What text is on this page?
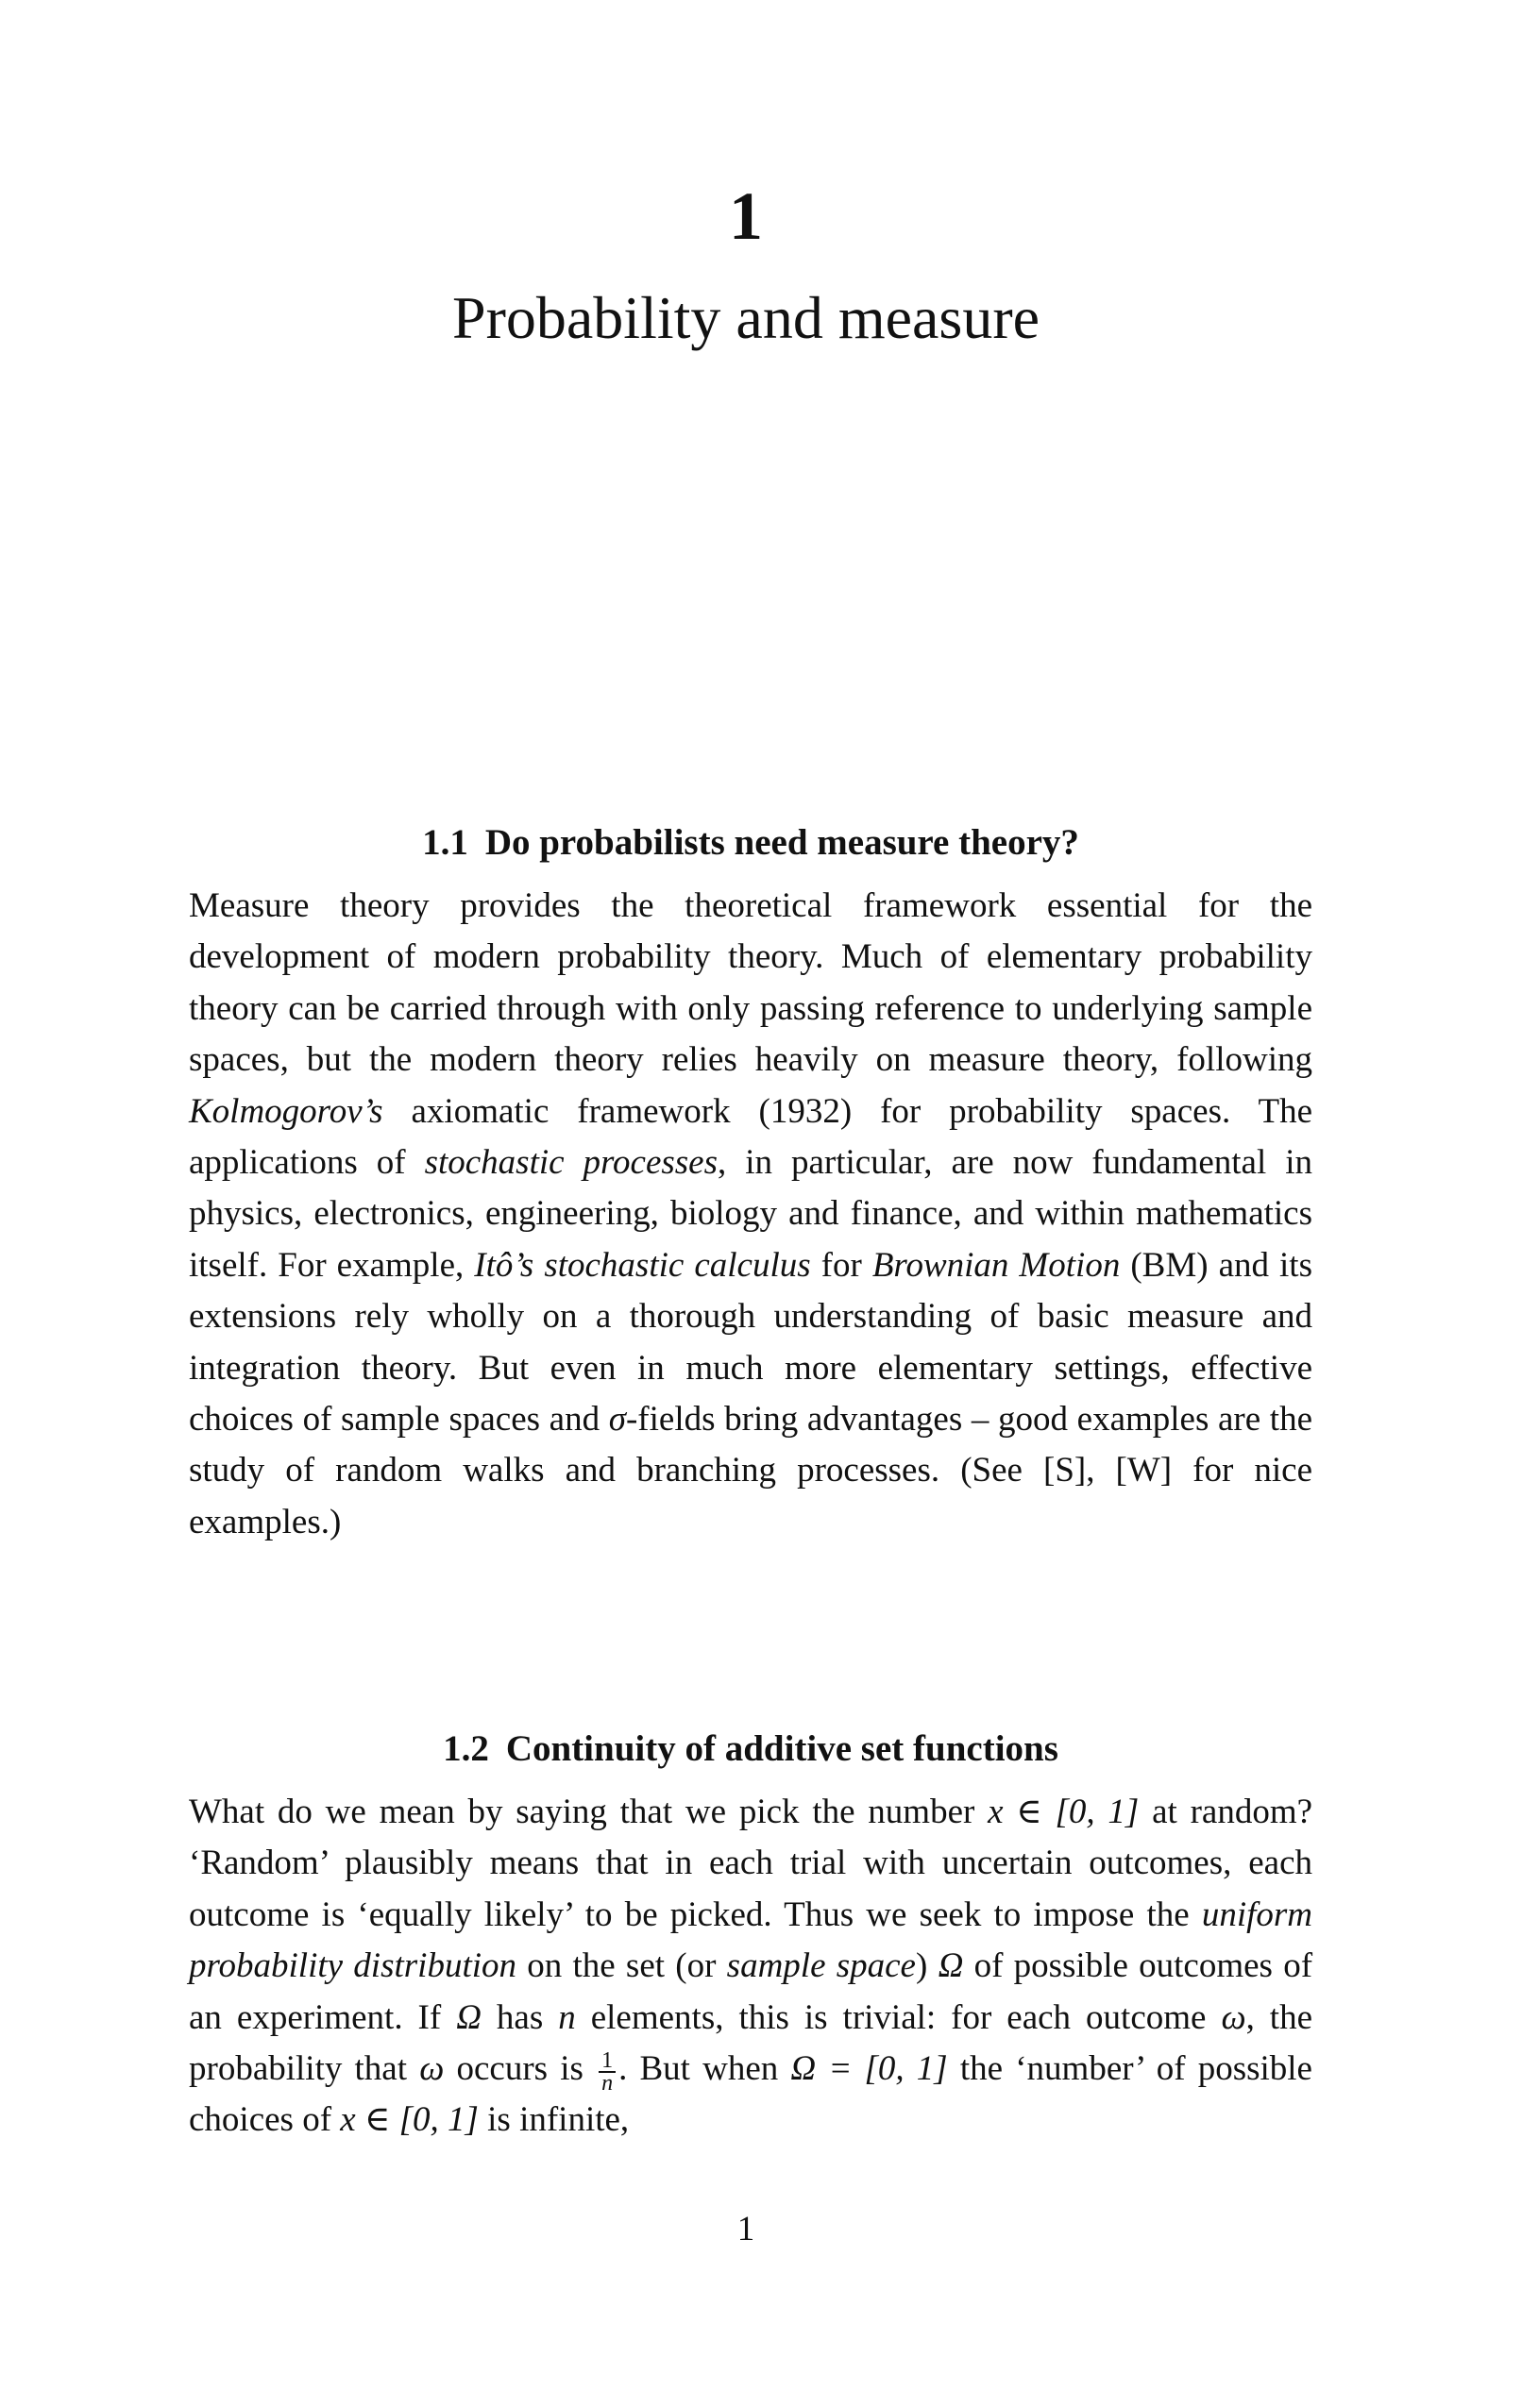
1
Probability and measure
1.1 Do probabilists need measure theory?

Measure theory provides the theoretical framework essential for the development of modern probability theory. Much of elementary probability theory can be carried through with only passing reference to underlying sample spaces, but the modern theory relies heavily on measure theory, following Kolmogorov’s axiomatic framework (1932) for probability spaces. The applications of stochastic processes, in particular, are now fundamental in physics, electronics, engineering, biology and finance, and within mathematics itself. For example, Itô’s stochastic calculus for Brownian Motion (BM) and its extensions rely wholly on a thorough understanding of basic measure and integration theory. But even in much more elementary settings, effective choices of sample spaces and σ-fields bring advantages – good examples are the study of random walks and branching processes. (See [S], [W] for nice examples.)

1.2 Continuity of additive set functions

What do we mean by saying that we pick the number x ∈ [0, 1] at random? ‘Random’ plausibly means that in each trial with uncertain outcomes, each outcome is ‘equally likely’ to be picked. Thus we seek to impose the uniform probability distribution on the set (or sample space) Ω of possible outcomes of an experiment. If Ω has n elements, this is trivial: for each outcome ω, the probability that ω occurs is $\frac{1}{n}$ . But when Ω = [0, 1] the ‘number’ of possible choices of x ∈ [0, 1] is infinite,

1
